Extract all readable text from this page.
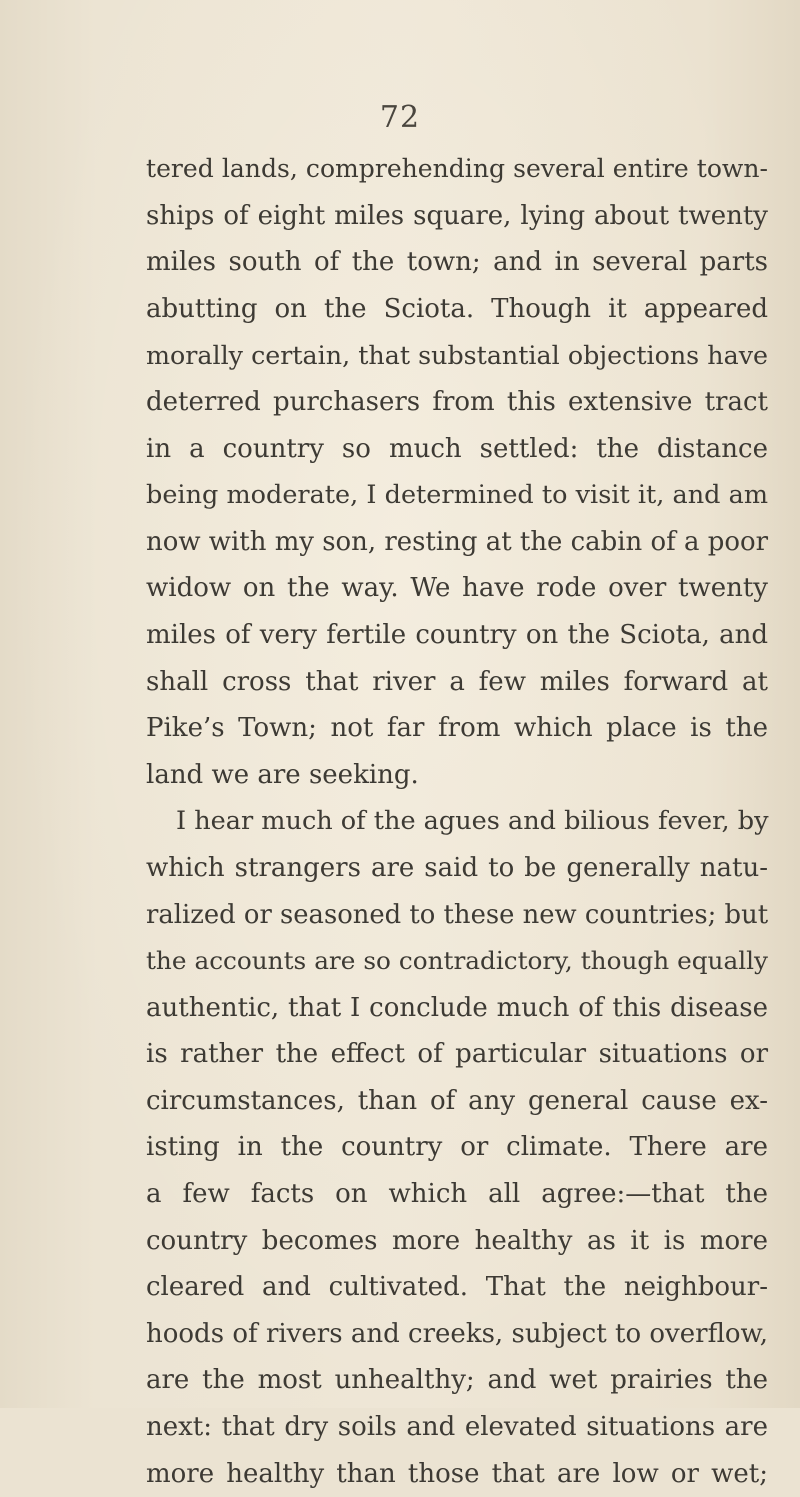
72
tered lands, comprehending several entire town-
ships of eight miles square, lying about twenty
miles south of the town; and in several parts
abutting on the Sciota. Though it appeared
morally certain, that substantial objections have
deterred purchasers from this extensive tract
in a country so much settled: the distance
being moderate, I determined to visit it, and am
now with my son, resting at the cabin of a poor
widow on the way. We have rode over twenty
miles of very fertile country on the Sciota, and
shall cross that river a few miles forward at
Pike’s Town; not far from which place is the
land we are seeking.
I hear much of the agues and bilious fever, by
which strangers are said to be generally natu-
ralized or seasoned to these new countries; but
the accounts are so contradictory, though equally
authentic, that I conclude much of this disease
is rather the effect of particular situations or
circumstances, than of any general cause ex-
isting in the country or climate. There are
a few facts on which all agree:—that the
country becomes more healthy as it is more
cleared and cultivated. That the neighbour-
hoods of rivers and creeks, subject to overflow,
are the most unhealthy; and wet prairies the
next: that dry soils and elevated situations are
more healthy than those that are low or wet;
